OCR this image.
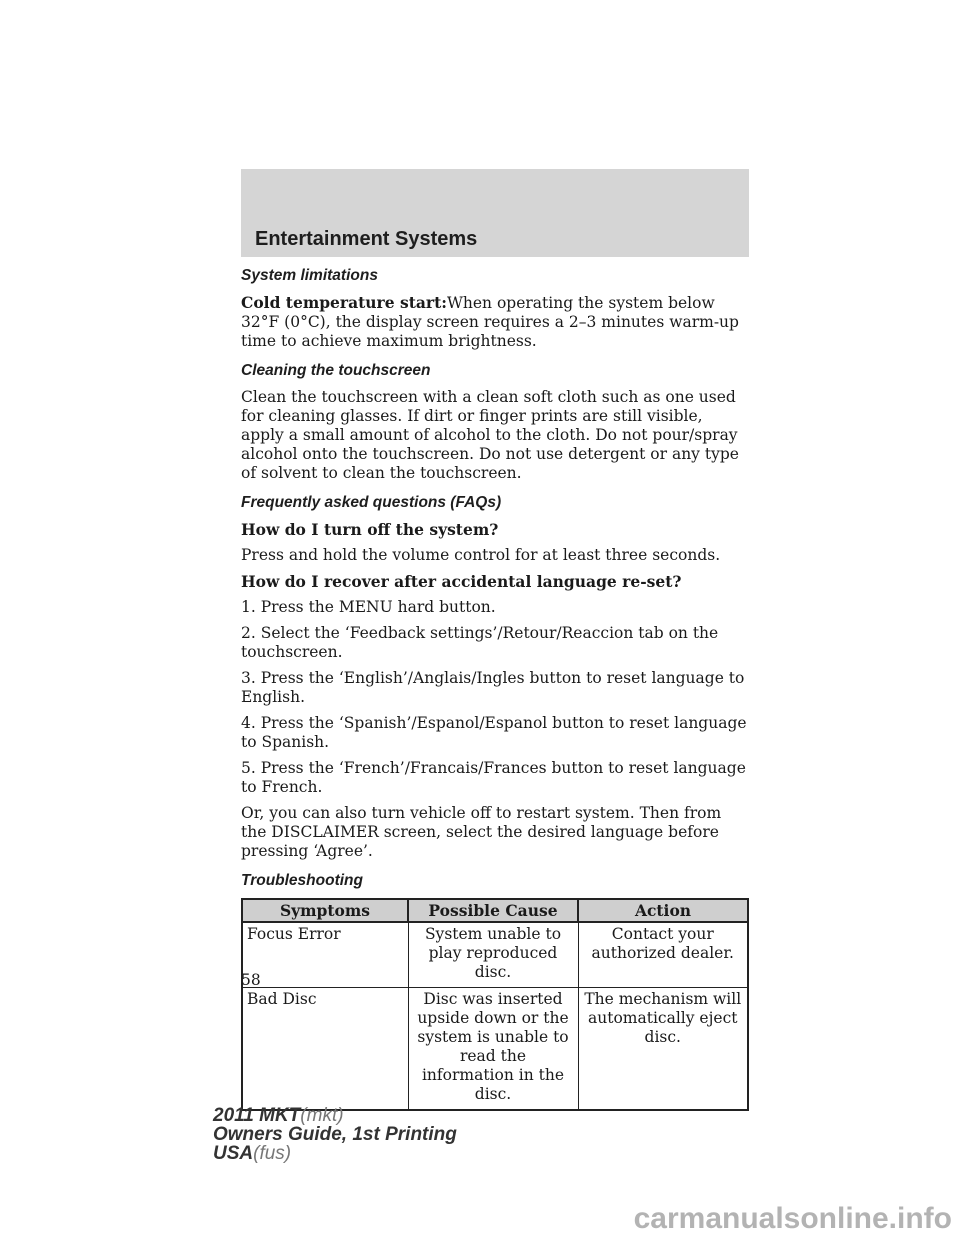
Entertainment Systems
System limitations

Cold temperature start:When operating the system below 32°F (0°C), the display screen requires a 2–3 minutes warm-up time to achieve maximum brightness.

Cleaning the touchscreen

Clean the touchscreen with a clean soft cloth such as one used for cleaning glasses. If dirt or finger prints are still visible, apply a small amount of alcohol to the cloth. Do not pour/spray alcohol onto the touchscreen. Do not use detergent or any type of solvent to clean the touchscreen.

Frequently asked questions (FAQs)

How do I turn off the system?

Press and hold the volume control for at least three seconds.

How do I recover after accidental language re-set?

1. Press the MENU hard button.

2. Select the ‘Feedback settings’/Retour/Reaccion tab on the touchscreen.

3. Press the ‘English’/Anglais/Ingles button to reset language to English.

4. Press the ‘Spanish’/Espanol/Espanol button to reset language to Spanish.

5. Press the ‘French’/Francais/Frances button to reset language to French.

Or, you can also turn vehicle off to restart system. Then from the DISCLAIMER screen, select the desired language before pressing ‘Agree’.

Troubleshooting
Symptoms	Possible Cause	Action
Focus Error	System unable to play reproduced disc.	Contact your authorized dealer.
Bad Disc	Disc was inserted upside down or the system is unable to read the information in the disc.	The mechanism will automatically eject disc.
58
2011 MKT(mkt)
Owners Guide, 1st Printing
USA(fus)
carmanualsonline.info
